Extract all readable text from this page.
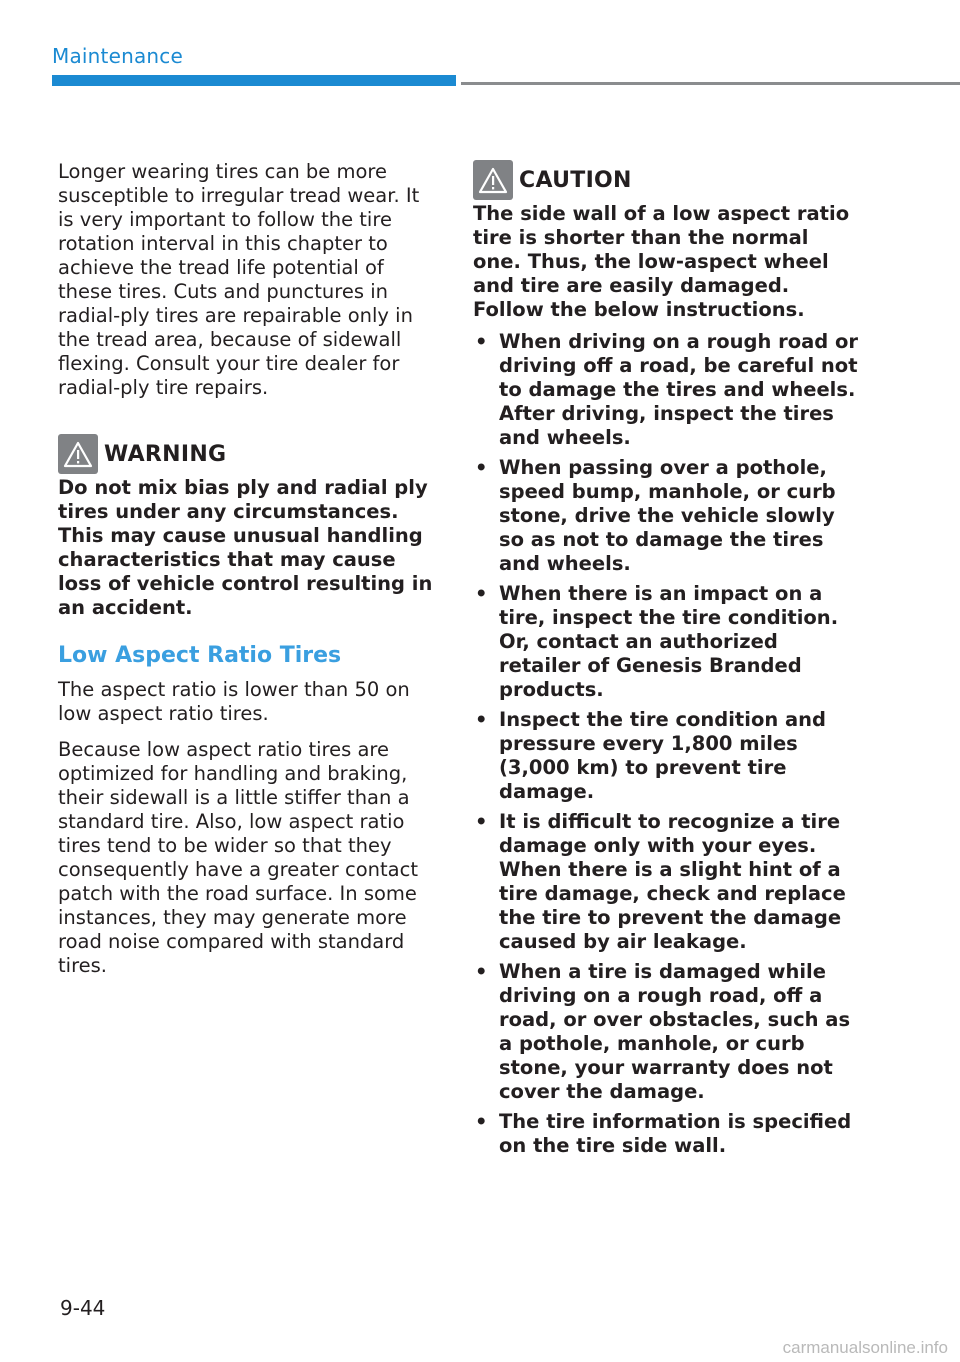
Maintenance

Longer wearing tires can be more susceptible to irregular tread wear. It is very important to follow the tire rotation interval in this chapter to achieve the tread life potential of these tires. Cuts and punctures in radial-ply tires are repairable only in the tread area, because of sidewall flexing. Consult your tire dealer for radial-ply tire repairs.

WARNING

Do not mix bias ply and radial ply tires under any circumstances. This may cause unusual handling characteristics that may cause loss of vehicle control resulting in an accident.

Low Aspect Ratio Tires

The aspect ratio is lower than 50 on low aspect ratio tires.

Because low aspect ratio tires are optimized for handling and braking, their sidewall is a little stiffer than a standard tire. Also, low aspect ratio tires tend to be wider so that they consequently have a greater contact patch with the road surface. In some instances, they may generate more road noise compared with standard tires.

CAUTION

The side wall of a low aspect ratio tire is shorter than the normal one. Thus, the low-aspect wheel and tire are easily damaged. Follow the below instructions.

• When driving on a rough road or driving off a road, be careful not to damage the tires and wheels. After driving, inspect the tires and wheels.
• When passing over a pothole, speed bump, manhole, or curb stone, drive the vehicle slowly so as not to damage the tires and wheels.
• When there is an impact on a tire, inspect the tire condition. Or, contact an authorized retailer of Genesis Branded products.
• Inspect the tire condition and pressure every 1,800 miles (3,000 km) to prevent tire damage.
• It is difficult to recognize a tire damage only with your eyes. When there is a slight hint of a tire damage, check and replace the tire to prevent the damage caused by air leakage.
• When a tire is damaged while driving on a rough road, off a road, or over obstacles, such as a pothole, manhole, or curb stone, your warranty does not cover the damage.
• The tire information is specified on the tire side wall.
9-44
carmanualsonline.info
